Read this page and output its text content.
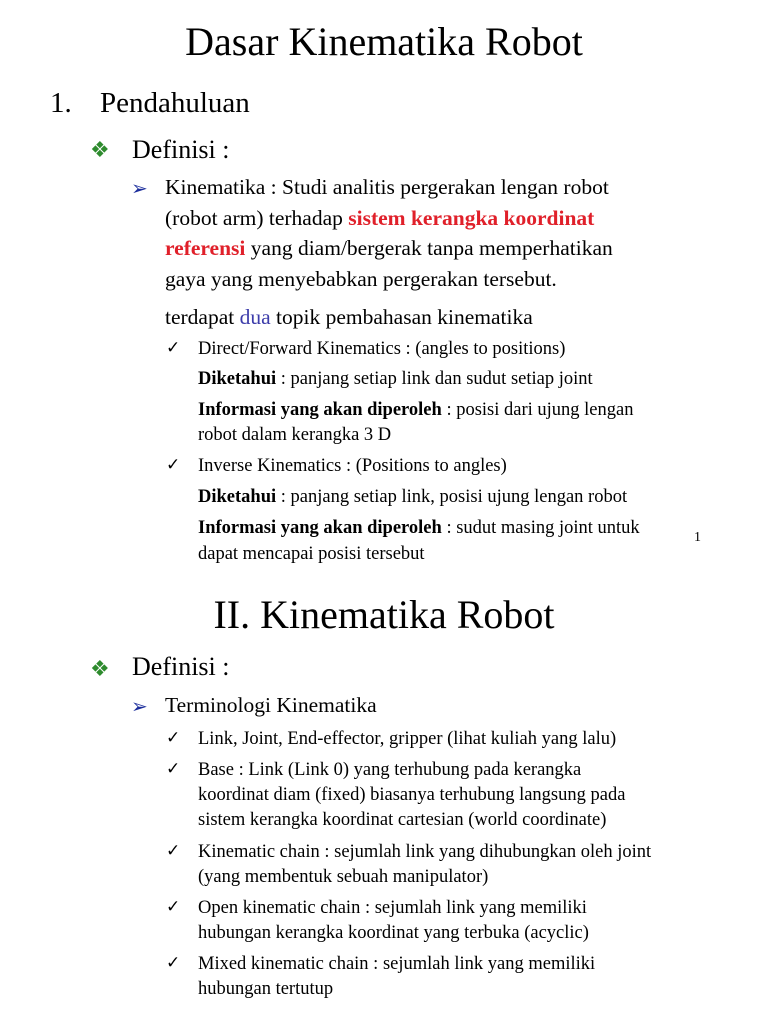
Dasar Kinematika Robot
1. Pendahuluan
❖ Definisi :
➢ Kinematika : Studi analitis pergerakan lengan robot
(robot arm) terhadap sistem kerangka koordinat
referensi yang diam/bergerak tanpa memperhatikan
gaya yang menyebabkan pergerakan tersebut.
terdapat dua topik pembahasan kinematika
✓ Direct/Forward Kinematics : (angles to positions)
Diketahui : panjang setiap link dan sudut setiap joint
Informasi yang akan diperoleh : posisi dari ujung lengan
robot dalam kerangka 3 D
✓ Inverse Kinematics : (Positions to angles)
Diketahui : panjang setiap link, posisi ujung lengan robot
Informasi yang akan diperoleh : sudut masing joint untuk
dapat mencapai posisi tersebut
1
II. Kinematika Robot
❖ Definisi :
➢ Terminologi Kinematika
✓ Link, Joint, End-effector, gripper (lihat kuliah yang lalu)
✓ Base : Link (Link 0) yang terhubung pada kerangka
koordinat diam (fixed) biasanya terhubung langsung pada
sistem kerangka koordinat cartesian (world coordinate)
✓ Kinematic chain : sejumlah link yang dihubungkan oleh joint
(yang membentuk sebuah manipulator)
✓ Open kinematic chain : sejumlah link yang memiliki
hubungan kerangka koordinat yang terbuka (acyclic)
✓ Mixed kinematic chain : sejumlah link yang memiliki
hubungan tertutup
